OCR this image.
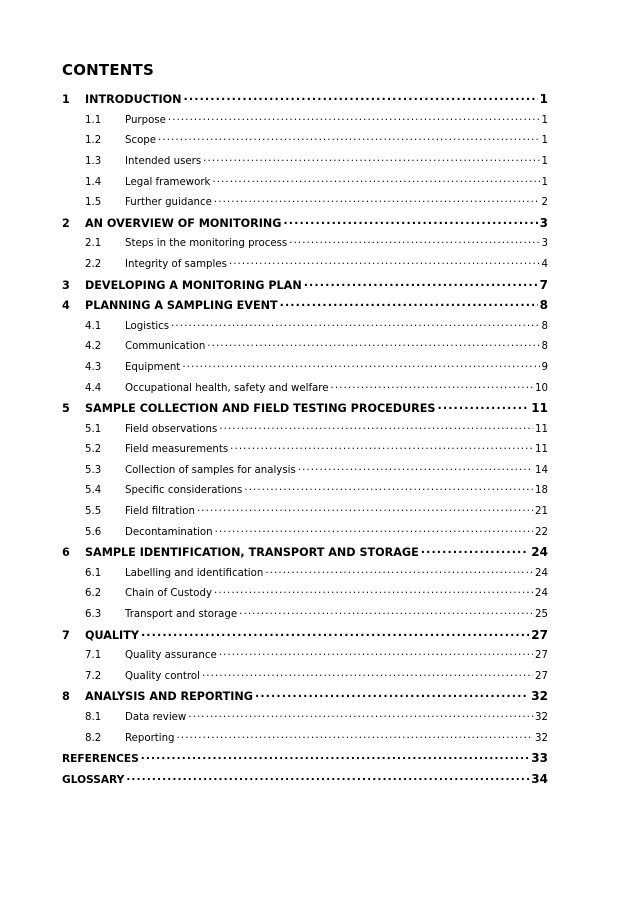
CONTENTS
1	INTRODUCTION .....	1
1.1	Purpose .....	1
1.2	Scope .....	1
1.3	Intended users .....	1
1.4	Legal framework .....	1
1.5	Further guidance .....	2
2	AN OVERVIEW OF MONITORING .....	3
2.1	Steps in the monitoring process .....	3
2.2	Integrity of samples .....	4
3	DEVELOPING A MONITORING PLAN .....	7
4	PLANNING A SAMPLING EVENT .....	8
4.1	Logistics .....	8
4.2	Communication .....	8
4.3	Equipment .....	9
4.4	Occupational health, safety and welfare .....	10
5	SAMPLE COLLECTION AND FIELD TESTING PROCEDURES .....	11
5.1	Field observations .....	11
5.2	Field measurements .....	11
5.3	Collection of samples for analysis .....	14
5.4	Specific considerations .....	18
5.5	Field filtration .....	21
5.6	Decontamination .....	22
6	SAMPLE IDENTIFICATION, TRANSPORT AND STORAGE .....	24
6.1	Labelling and identification .....	24
6.2	Chain of Custody .....	24
6.3	Transport and storage .....	25
7	QUALITY .....	27
7.1	Quality assurance .....	27
7.2	Quality control .....	27
8	ANALYSIS AND REPORTING .....	32
8.1	Data review .....	32
8.2	Reporting .....	32
REFERENCES .....	33
GLOSSARY .....	34
